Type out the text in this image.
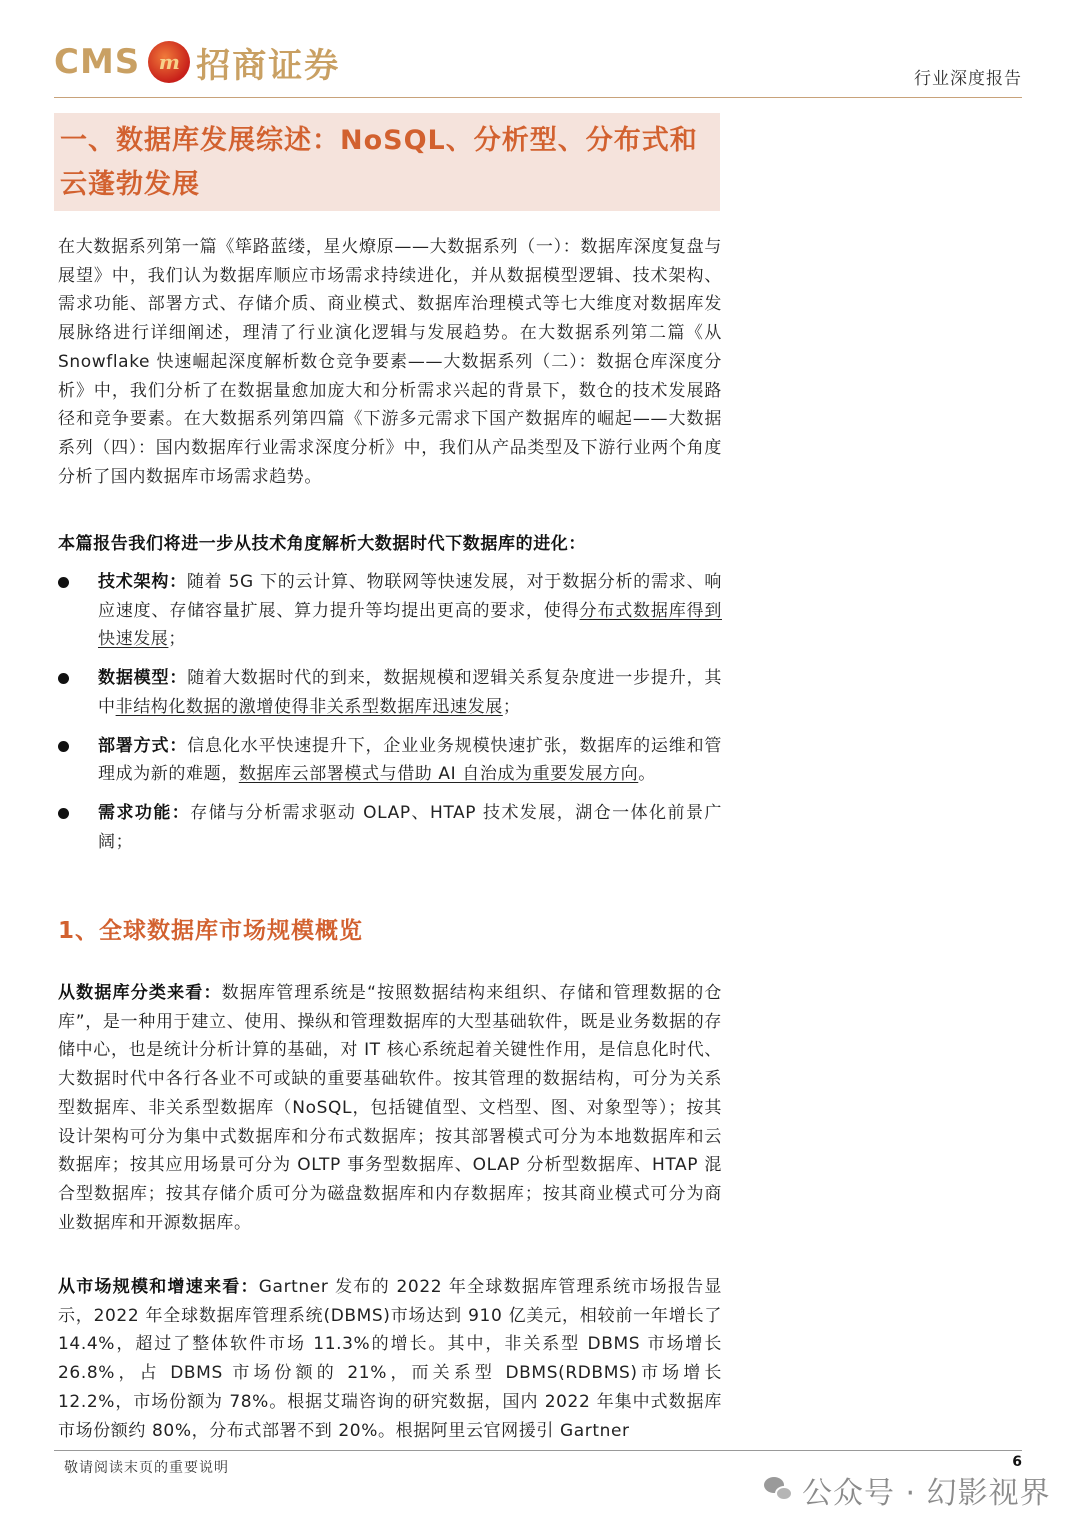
CMS m 招商证券	行业深度报告
一、数据库发展综述：NoSQL、分析型、分布式和
云蓬勃发展
在大数据系列第一篇《筚路蓝缕，星火燎原——大数据系列（一）：数据库深度复盘与展望》中，我们认为数据库顺应市场需求持续进化，并从数据模型逻辑、技术架构、需求功能、部署方式、存储介质、商业模式、数据库治理模式等七大维度对数据库发展脉络进行详细阐述，理清了行业演化逻辑与发展趋势。在大数据系列第二篇《从 Snowflake 快速崛起深度解析数仓竞争要素——大数据系列（二）：数据仓库深度分析》中，我们分析了在数据量愈加庞大和分析需求兴起的背景下，数仓的技术发展路径和竞争要素。在大数据系列第四篇《下游多元需求下国产数据库的崛起——大数据系列（四）：国内数据库行业需求深度分析》中，我们从产品类型及下游行业两个角度分析了国内数据库市场需求趋势。
本篇报告我们将进一步从技术角度解析大数据时代下数据库的进化：
技术架构：随着 5G 下的云计算、物联网等快速发展，对于数据分析的需求、响应速度、存储容量扩展、算力提升等均提出更高的要求，使得分布式数据库得到快速发展；
数据模型：随着大数据时代的到来，数据规模和逻辑关系复杂度进一步提升，其中非结构化数据的激增使得非关系型数据库迅速发展；
部署方式：信息化水平快速提升下，企业业务规模快速扩张，数据库的运维和管理成为新的难题，数据库云部署模式与借助 AI 自治成为重要发展方向。
需求功能：存储与分析需求驱动 OLAP、HTAP 技术发展，湖仓一体化前景广阔；
1、全球数据库市场规模概览
从数据库分类来看：数据库管理系统是“按照数据结构来组织、存储和管理数据的仓库”，是一种用于建立、使用、操纵和管理数据库的大型基础软件，既是业务数据的存储中心，也是统计分析计算的基础，对 IT 核心系统起着关键性作用，是信息化时代、大数据时代中各行各业不可或缺的重要基础软件。按其管理的数据结构，可分为关系型数据库、非关系型数据库（NoSQL，包括键值型、文档型、图、对象型等）；按其设计架构可分为集中式数据库和分布式数据库；按其部署模式可分为本地数据库和云数据库；按其应用场景可分为 OLTP 事务型数据库、OLAP 分析型数据库、HTAP 混合型数据库；按其存储介质可分为磁盘数据库和内存数据库；按其商业模式可分为商业数据库和开源数据库。
从市场规模和增速来看：Gartner 发布的 2022 年全球数据库管理系统市场报告显示，2022 年全球数据库管理系统(DBMS)市场达到 910 亿美元，相较前一年增长了 14.4%，超过了整体软件市场 11.3%的增长。其中，非关系型 DBMS 市场增长 26.8%，占 DBMS 市场份额的 21%，而关系型 DBMS(RDBMS)市场增长 12.2%，市场份额为 78%。根据艾瑞咨询的研究数据，国内 2022 年集中式数据库市场份额约 80%，分布式部署不到 20%。根据阿里云官网援引 Gartner
敬请阅读末页的重要说明	6
公众号 · 幻影视界
